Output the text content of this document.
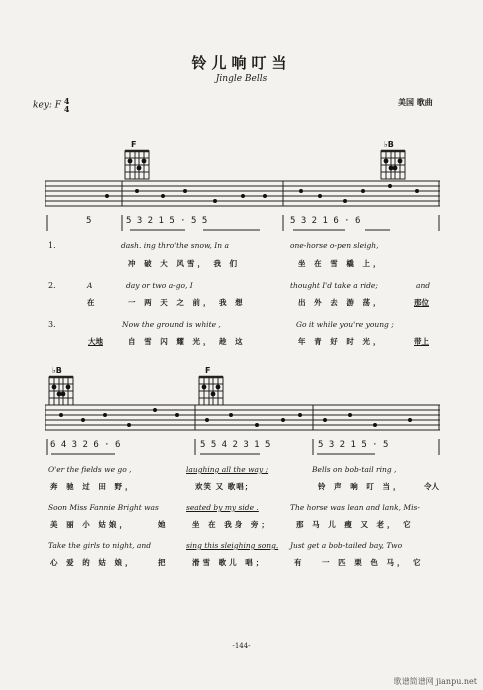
铃儿响叮当
Jingle Bells
key: F 4
4
美国 歌曲
F	♭B
5	5 3 2 1 5 · 5 5	5 3 2 1 6 · 6
1.	dash. ing thro'the snow, In a	one-horse o-pen sleigh,
冲 破 大 风雪， 我 们	坐 在 雪 橇 上，
2.	A	day or two a-go, I	thought I'd take a ride;	and
在	一 两 天 之 前， 我 想	出 外 去 游 荡，	那位
3.	Now the ground is white ,	Go it while you're young ;
大地	自 雪 闪 耀 光， 趁 这	年 青 好 时 光，	带上
♭B	F
6 4 3 2 6 · 6	5 5 4 2 3 1 5	5 3 2 1 5 · 5
O'er the fields we go ,	laughing all the way ;	Bells on bob-tail ring ,
奔 驰 过 田 野，	欢笑 又 歌唱；	铃 声 响 叮 当，	令人
Soon Miss Fannie Bright was	seated by my side .	The horse was lean and lank, Mis-
美 丽 小 姑娘，	她	坐 在 我身 旁；	那 马 儿 瘦 又 老， 它
Take the girls to night, and	sing this sleighing song. Just get a bob-tailed bay, Two
心 爱 的 姑 娘，	把	滑雪 歌儿 唱；	有 一 匹 栗 色 马， 它
-144-
歌谱简谱网 jianpu.net
